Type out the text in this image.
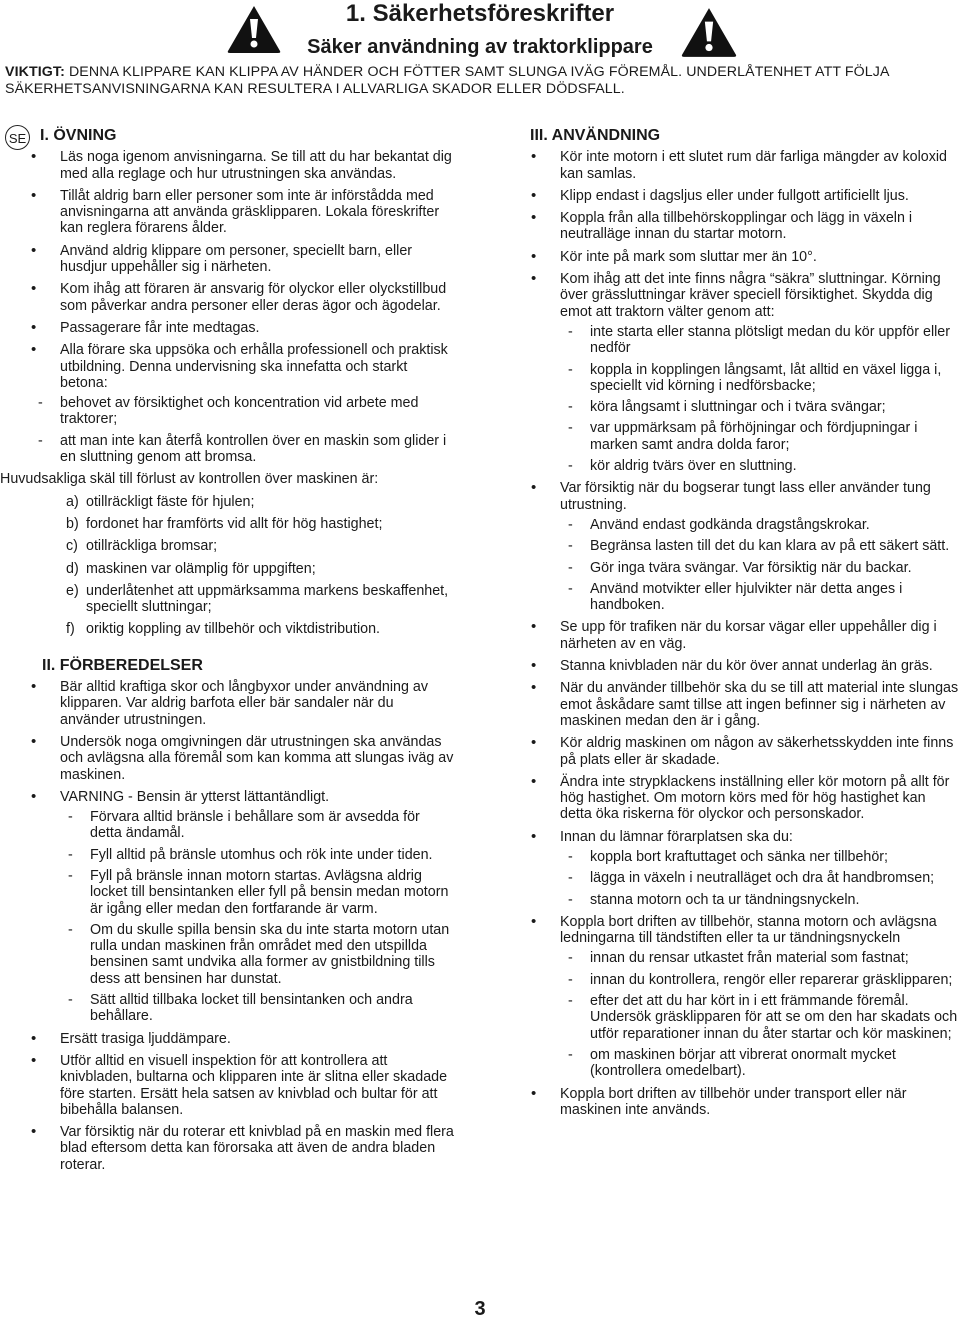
1. Säkerhetsföreskrifter
Säker användning av traktorklippare
VIKTIGT: DENNA KLIPPARE KAN KLIPPA AV HÄNDER OCH FÖTTER SAMT SLUNGA IVÄG FÖREMÅL. UNDERLÅTENHET ATT FÖLJA SÄKERHETSANVISNINGARNA KAN RESULTERA I ALLVARLIGA SKADOR ELLER DÖDSFALL.
SE I. ÖVNING
• Läs noga igenom anvisningarna. Se till att du har bekantat dig med alla reglage och hur utrustningen ska användas.
• Tillåt aldrig barn eller personer som inte är införstådda med anvisningarna att använda gräsklipparen. Lokala föreskrifter kan reglera förarens ålder.
• Använd aldrig klippare om personer, speciellt barn, eller husdjur uppehåller sig i närheten.
• Kom ihåg att föraren är ansvarig för olyckor eller olyckstillbud som påverkar andra personer eller deras ägor och ägodelar.
• Passagerare får inte medtagas.
• Alla förare ska uppsöka och erhålla professionell och praktisk utbildning. Denna undervisning ska innefatta och starkt betona:
- behovet av försiktighet och koncentration vid arbete med traktorer;
- att man inte kan återfå kontrollen över en maskin som glider i en sluttning genom att bromsa.

Huvudsakliga skäl till förlust av kontrollen över maskinen är:

a) otillräckligt fäste för hjulen;
b) fordonet har framförts vid allt för hög hastighet;
c) otillräckliga bromsar;
d) maskinen var olämplig för uppgiften;
e) underlåtenhet att uppmärksamma markens beskaffenhet, speciellt sluttningar;
f) oriktig koppling av tillbehör och viktdistribution.
II. FÖRBEREDELSER
• Bär alltid kraftiga skor och långbyxor under användning av klipparen. Var aldrig barfota eller bär sandaler när du använder utrustningen.
• Undersök noga omgivningen där utrustningen ska användas och avlägsna alla föremål som kan komma att slungas iväg av maskinen.
• VARNING - Bensin är ytterst lättantändligt.
- Förvara alltid bränsle i behållare som är avsedda för detta ändamål.
- Fyll alltid på bränsle utomhus och rök inte under tiden.
- Fyll på bränsle innan motorn startas. Avlägsna aldrig locket till bensintanken eller fyll på bensin medan motorn är igång eller medan den fortfarande är varm.
- Om du skulle spilla bensin ska du inte starta motorn utan rulla undan maskinen från området med den utspillda bensinen samt undvika alla former av gnistbildning tills dess att bensinen har dunstat.
- Sätt alltid tillbaka locket till bensintanken och andra behållare.
• Ersätt trasiga ljuddämpare.
• Utför alltid en visuell inspektion för att kontrollera att knivbladen, bultarna och klipparen inte är slitna eller skadade före starten. Ersätt hela satsen av knivblad och bultar för att bibehålla balansen.
• Var försiktig när du roterar ett knivblad på en maskin med flera blad eftersom detta kan förorsaka att även de andra bladen roterar.
III. ANVÄNDNING
• Kör inte motorn i ett slutet rum där farliga mängder av koloxid kan samlas.
• Klipp endast i dagsljus eller under fullgott artificiellt ljus.
• Koppla från alla tillbehörskopplingar och lägg in växeln i neutralläge innan du startar motorn.
• Kör inte på mark som sluttar mer än 10°.
• Kom ihåg att det inte finns några “säkra” sluttningar. Körning över grässluttningar kräver speciell försiktighet. Skydda dig emot att traktorn välter genom att:
- inte starta eller stanna plötsligt medan du kör uppför eller nedför
- koppla in kopplingen långsamt, låt alltid en växel ligga i, speciellt vid körning i nedförsbacke;
- köra långsamt i sluttningar och i tvära svängar;
- var uppmärksam på förhöjningar och fördjupningar i marken samt andra dolda faror;
- kör aldrig tvärs över en sluttning.
• Var försiktig när du bogserar tungt lass eller använder tung utrustning.
- Använd endast godkända dragstångskrokar.
- Begränsa lasten till det du kan klara av på ett säkert sätt.
- Gör inga tvära svängar. Var försiktig när du backar.
- Använd motvikter eller hjulvikter när detta anges i handboken.
• Se upp för trafiken när du korsar vägar eller uppehåller dig i närheten av en väg.
• Stanna knivbladen när du kör över annat underlag än gräs.
• När du använder tillbehör ska du se till att material inte slungas emot åskådare samt tillse att ingen befinner sig i närheten av maskinen medan den är i gång.
• Kör aldrig maskinen om någon av säkerhetsskydden inte finns på plats eller är skadade.
• Ändra inte strypklackens inställning eller kör motorn på allt för hög hastighet. Om motorn körs med för hög hastighet kan detta öka riskerna för olyckor och personskador.
• Innan du lämnar förarplatsen ska du:
- koppla bort kraftuttaget och sänka ner tillbehör;
- lägga in växeln i neutralläget och dra åt handbromsen;
- stanna motorn och ta ur tändningsnyckeln.
• Koppla bort driften av tillbehör, stanna motorn och avlägsna ledningarna till tändstiften eller ta ur tändningsnyckeln
- innan du rensar utkastet från material som fastnat;
- innan du kontrollera, rengör eller reparerar gräsklipparen;
- efter det att du har kört in i ett främmande föremål. Undersök gräsklipparen för att se om den har skadats och utför reparationer innan du åter startar och kör maskinen;
- om maskinen börjar att vibrerat onormalt mycket (kontrollera omedelbart).
• Koppla bort driften av tillbehör under transport eller när maskinen inte används.
3
